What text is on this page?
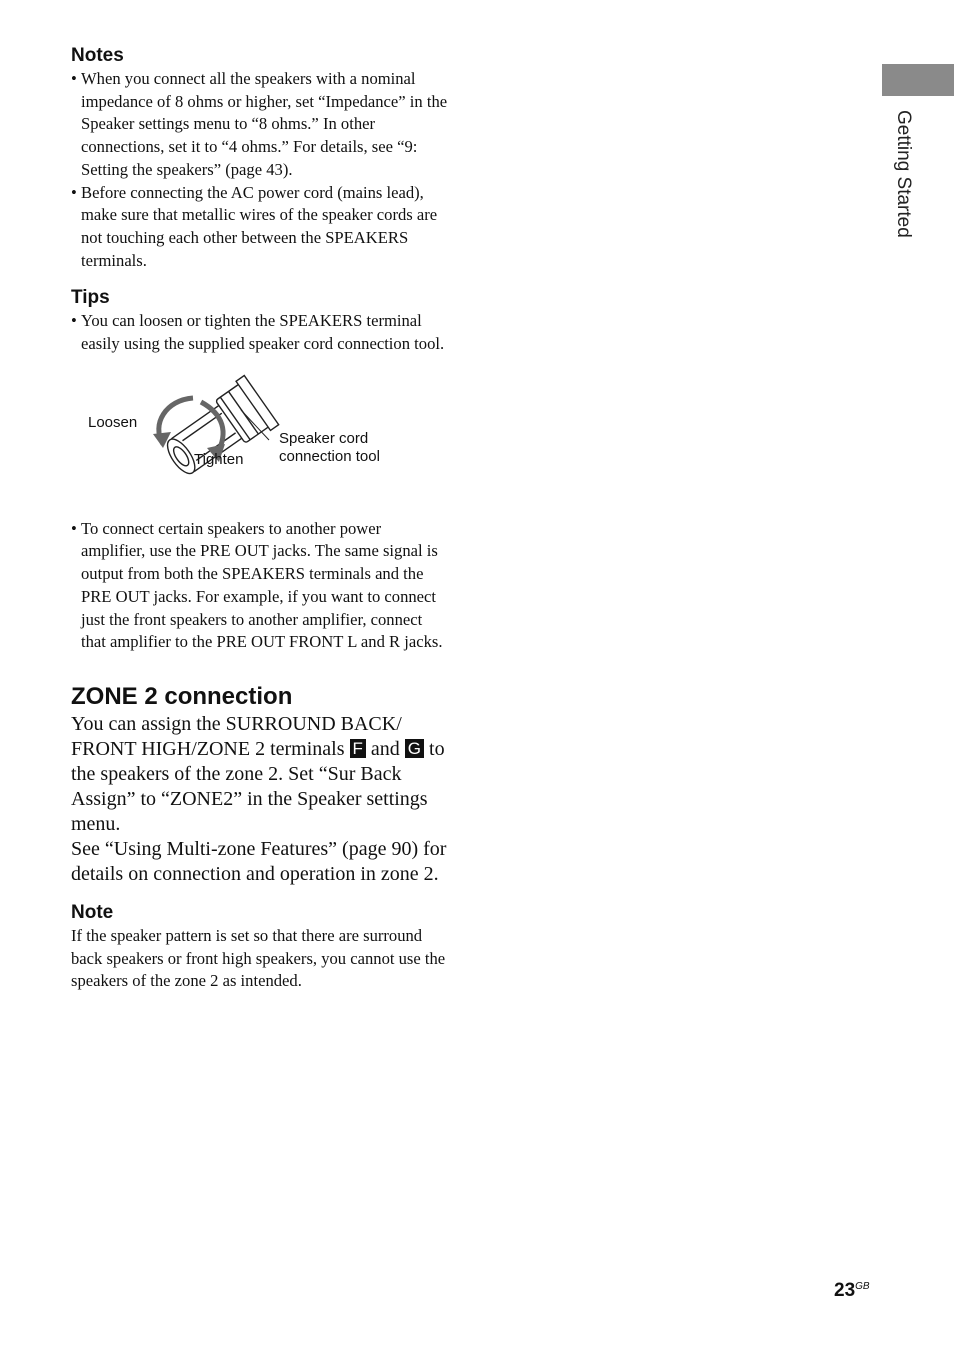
Notes
• When you connect all the speakers with a nominal impedance of 8 ohms or higher, set “Impedance” in the Speaker settings menu to “8 ohms.” In other connections, set it to “4 ohms.” For details, see “9: Setting the speakers” (page 43).
• Before connecting the AC power cord (mains lead), make sure that metallic wires of the speaker cords are not touching each other between the SPEAKERS terminals.
Tips
• You can loosen or tighten the SPEAKERS terminal easily using the supplied speaker cord connection tool.
Loosen
Tighten
Speaker cord
connection tool
• To connect certain speakers to another power amplifier, use the PRE OUT jacks. The same signal is output from both the SPEAKERS terminals and the PRE OUT jacks. For example, if you want to connect just the front speakers to another amplifier, connect that amplifier to the PRE OUT FRONT L and R jacks.
ZONE 2 connection

You can assign the SURROUND BACK/ FRONT HIGH/ZONE 2 terminals F and G to the speakers of the zone 2. Set “Sur Back Assign” to “ZONE2” in the Speaker settings menu.

See “Using Multi-zone Features” (page 90) for details on connection and operation in zone 2.

Note

If the speaker pattern is set so that there are surround back speakers or front high speakers, you cannot use the speakers of the zone 2 as intended.

Getting Started
$23^{GB}$
